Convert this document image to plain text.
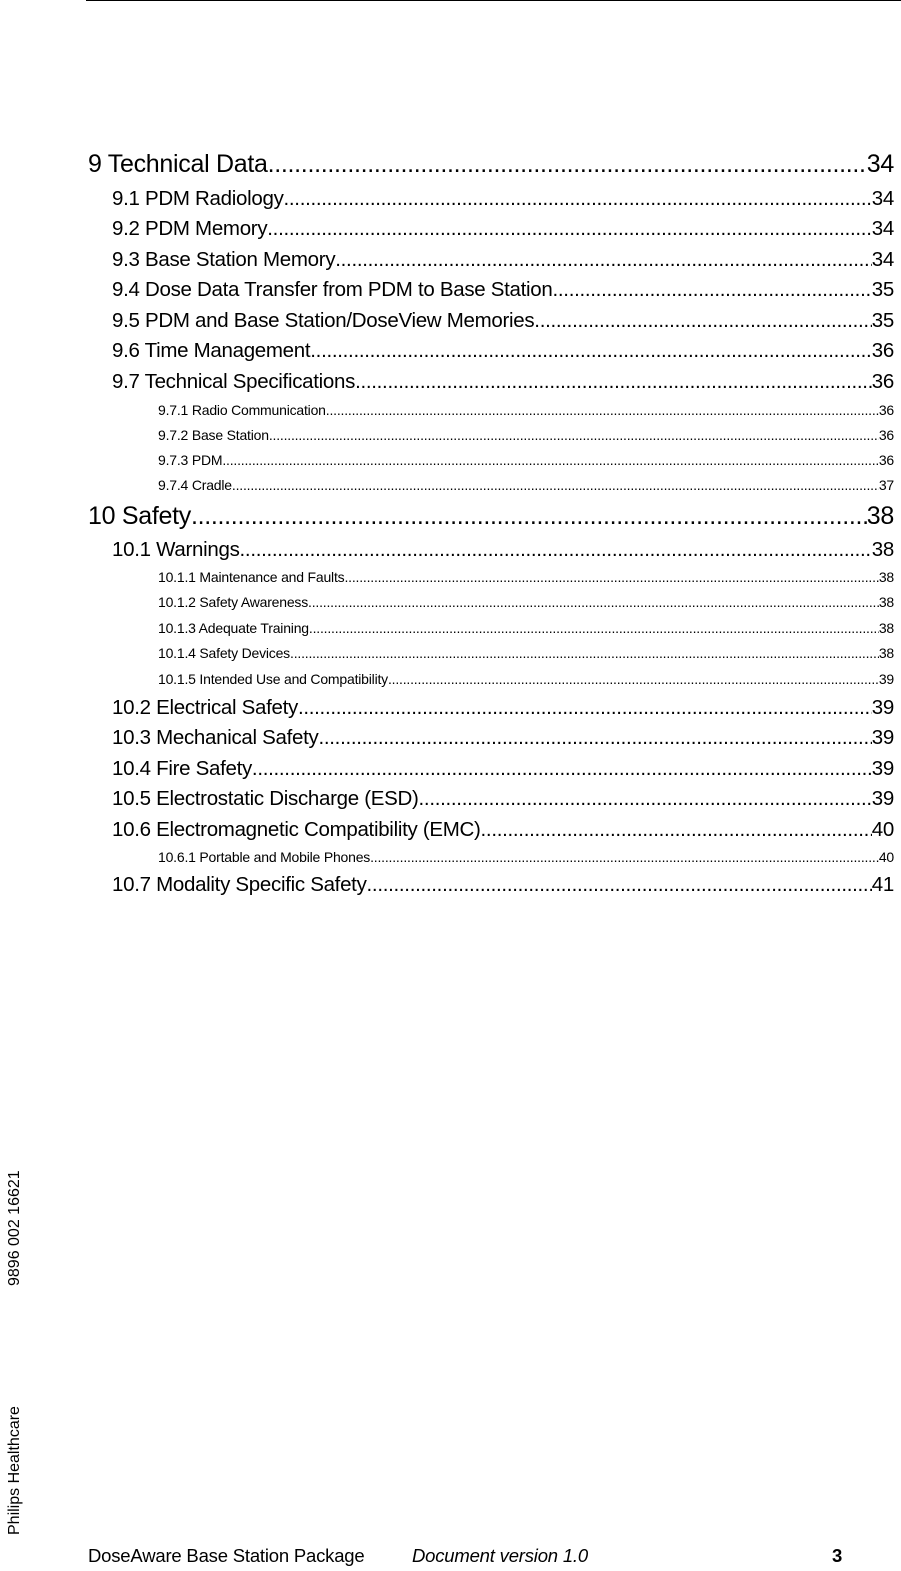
9 Technical Data .....	34
9.1 PDM Radiology .....	34
9.2 PDM Memory .....	34
9.3 Base Station Memory .....	34
9.4 Dose Data Transfer from PDM to Base Station .....	35
9.5 PDM and Base Station/DoseView Memories .....	35
9.6 Time Management .....	36
9.7 Technical Specifications .....	36
9.7.1 Radio Communication .....	36
9.7.2 Base Station .....	36
9.7.3 PDM .....	36
9.7.4 Cradle .....	37
10 Safety .....	38
10.1 Warnings .....	38
10.1.1 Maintenance and Faults .....	38
10.1.2 Safety Awareness .....	38
10.1.3 Adequate Training .....	38
10.1.4 Safety Devices .....	38
10.1.5 Intended Use and Compatibility .....	39
10.2 Electrical Safety .....	39
10.3 Mechanical Safety .....	39
10.4 Fire Safety .....	39
10.5 Electrostatic Discharge (ESD) .....	39
10.6 Electromagnetic Compatibility (EMC) .....	40
10.6.1 Portable and Mobile Phones .....	40
10.7 Modality Specific Safety .....	41
Philips Healthcare
9896 002 16621
DoseAware Base Station Package	Document version 1.0	3
